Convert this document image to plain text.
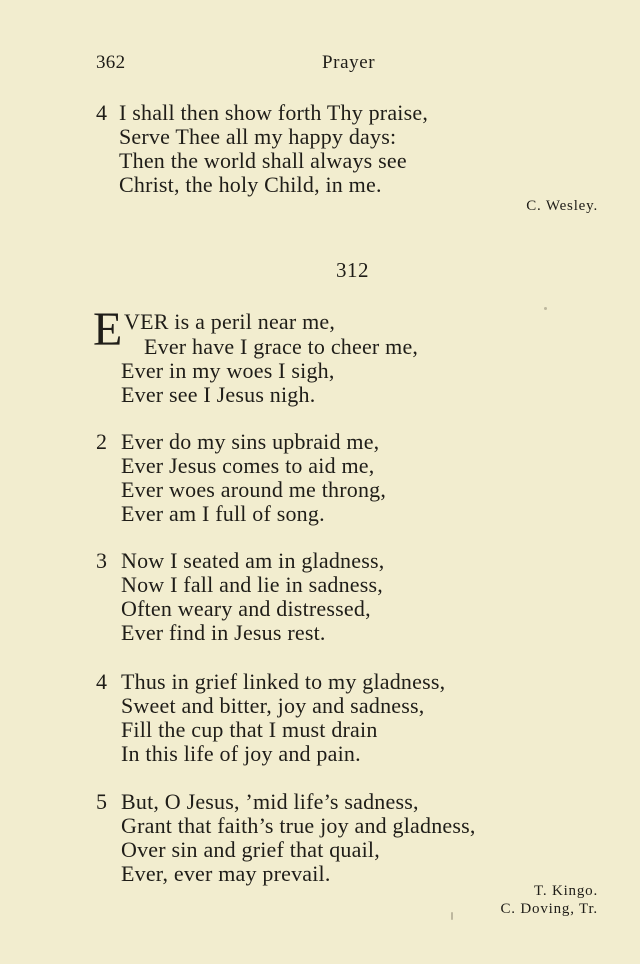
362	Prayer
4 I shall then show forth Thy praise,
Serve Thee all my happy days:
Then the world shall always see
Christ, the holy Child, in me.
C. Wesley.
312
E VER is a peril near me,
Ever have I grace to cheer me,
Ever in my woes I sigh,
Ever see I Jesus nigh.
2 Ever do my sins upbraid me,
Ever Jesus comes to aid me,
Ever woes around me throng,
Ever am I full of song.
3 Now I seated am in gladness,
Now I fall and lie in sadness,
Often weary and distressed,
Ever find in Jesus rest.
4 Thus in grief linked to my gladness,
Sweet and bitter, joy and sadness,
Fill the cup that I must drain
In this life of joy and pain.
5 But, O Jesus, ’mid life’s sadness,
Grant that faith’s true joy and gladness,
Over sin and grief that quail,
Ever, ever may prevail.
T. Kingo.
C. Doving, Tr.
